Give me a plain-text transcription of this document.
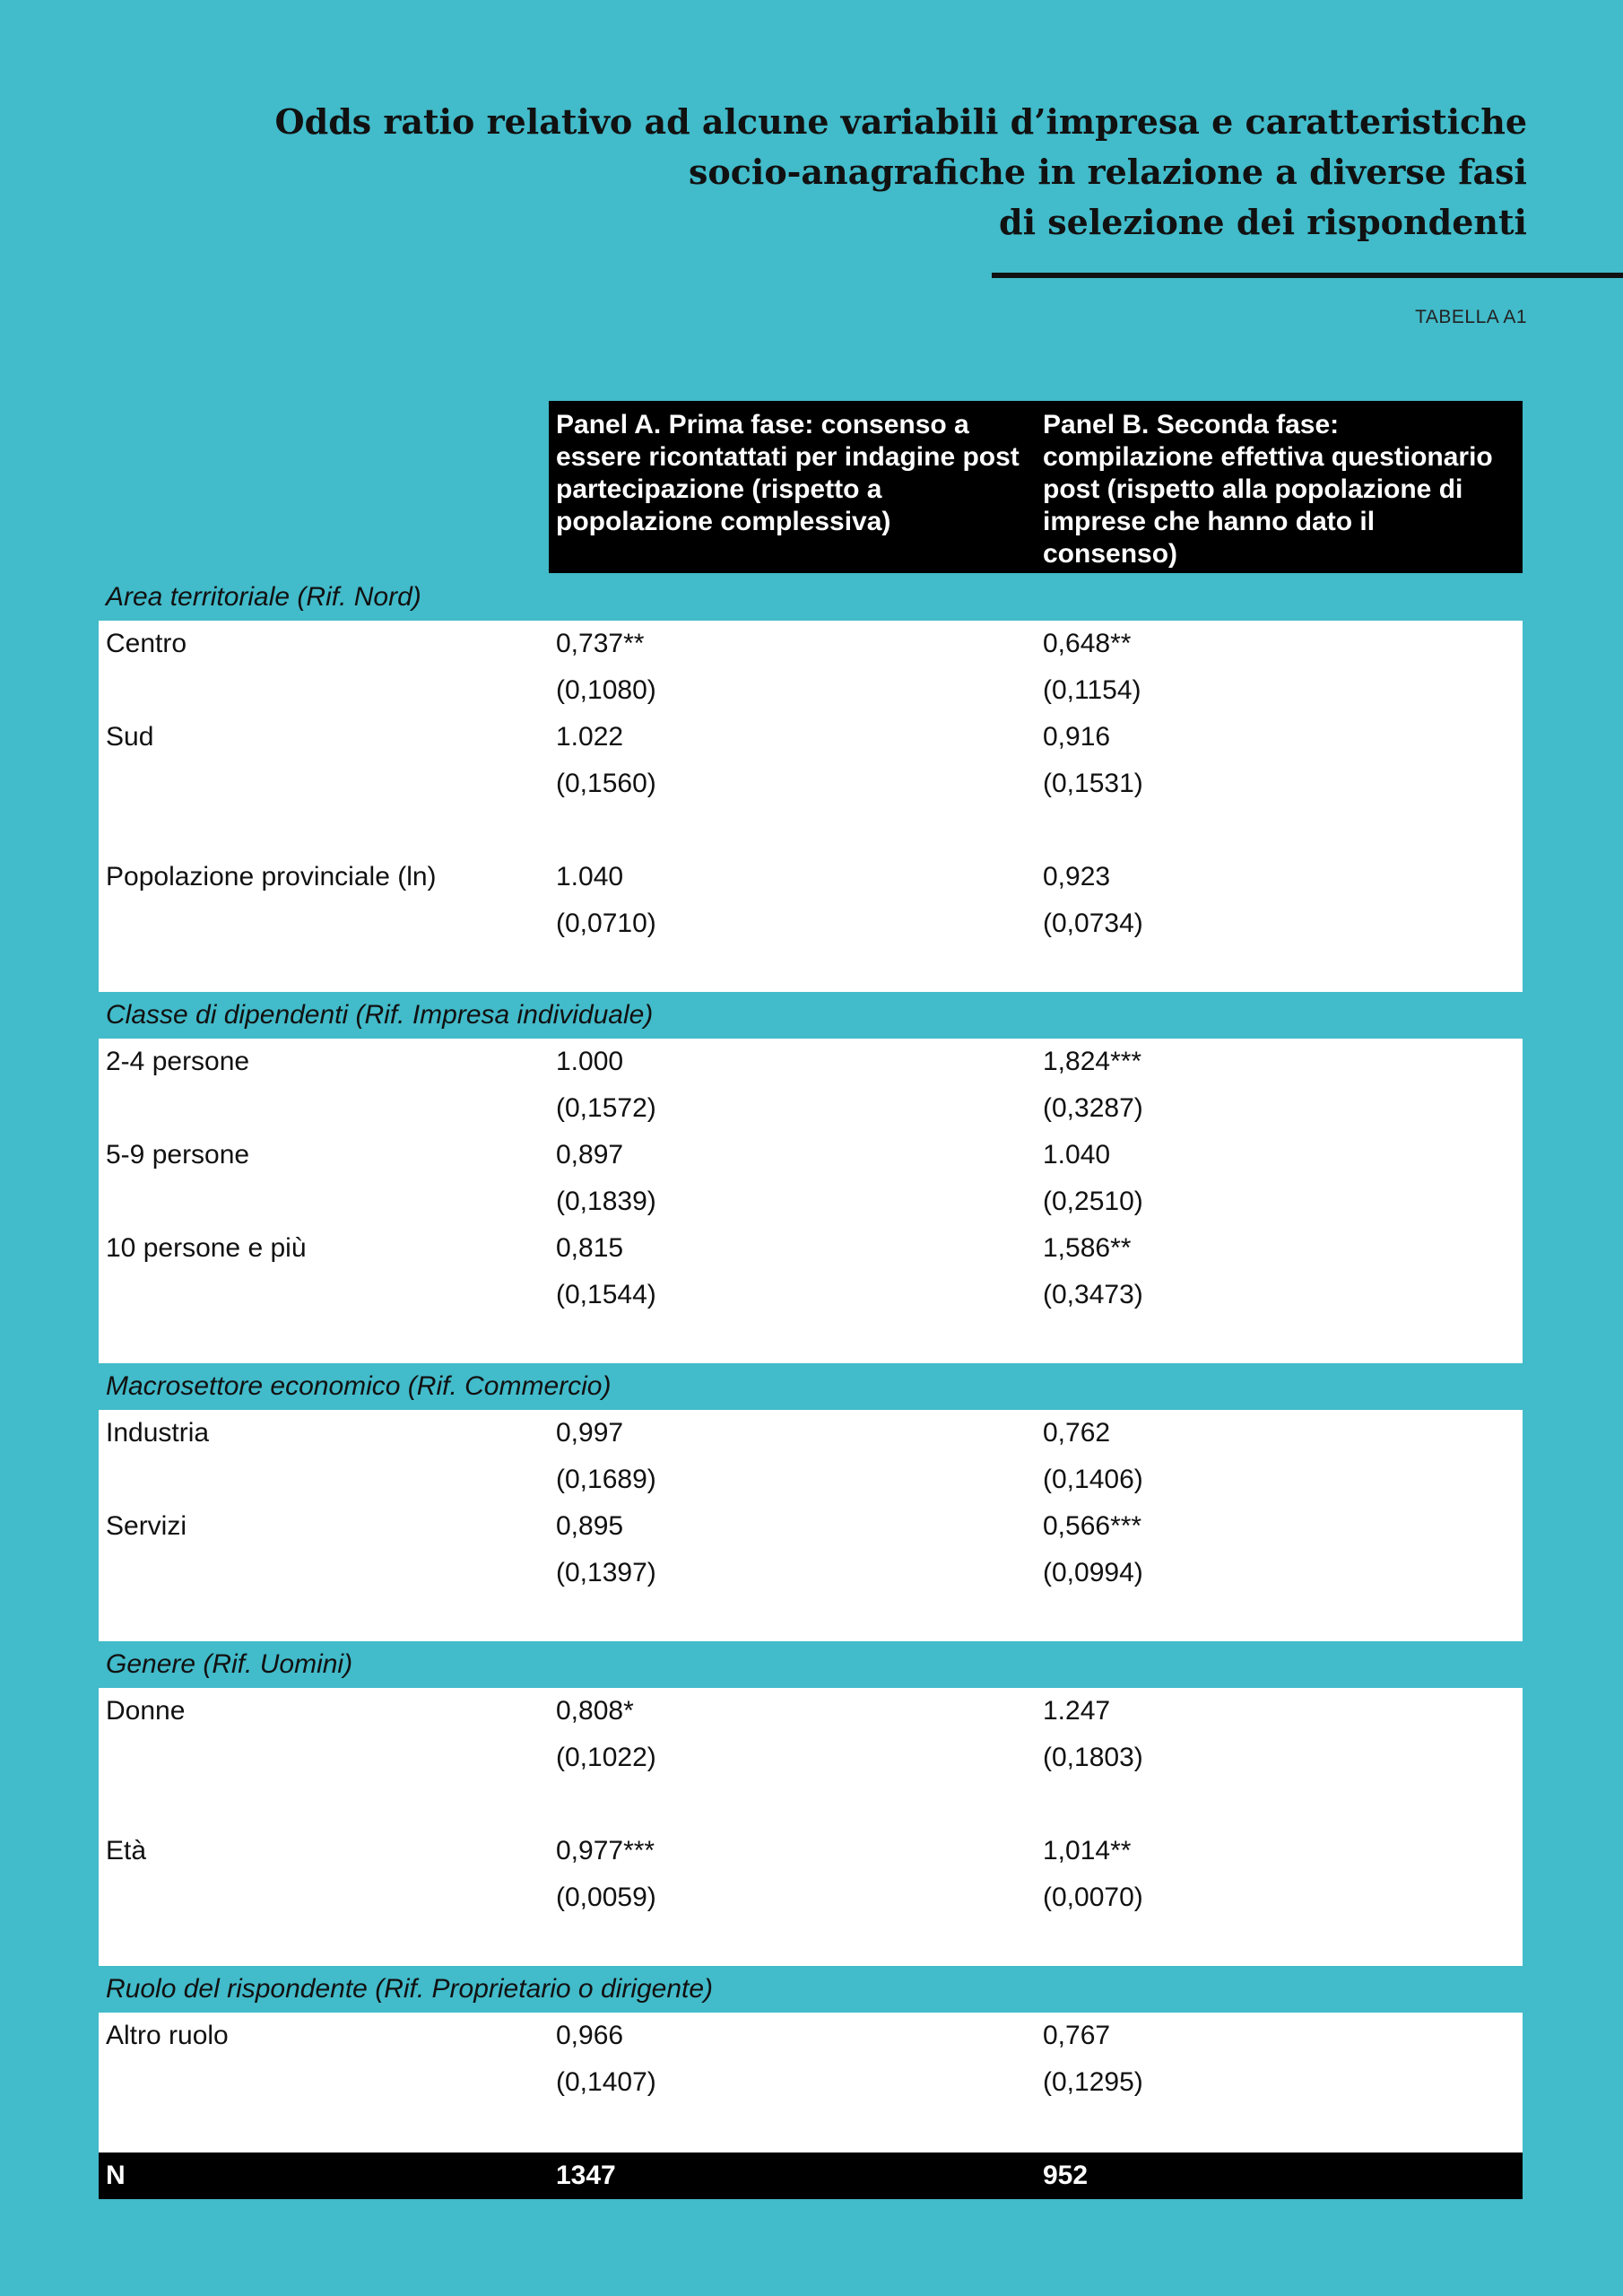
Odds ratio relativo ad alcune variabili d’impresa e caratteristiche
socio-anagrafiche in relazione a diverse fasi
di selezione dei rispondenti
TABELLA A1
Panel A. Prima fase: consenso a essere ricontattati per indagine post partecipazione (rispetto a popolazione complessiva)
Panel B. Seconda fase: compilazione effettiva questionario post (rispetto alla popolazione di imprese che hanno dato il consenso)
Area territoriale (Rif. Nord)
Centro	0,737**	0,648**
(0,1080)	(0,1154)
Sud	1.022	0,916
(0,1560)	(0,1531)
Popolazione provinciale (ln)	1.040	0,923
(0,0710)	(0,0734)
Classe di dipendenti (Rif. Impresa individuale)
2-4 persone	1.000	1,824***
(0,1572)	(0,3287)
5-9 persone	0,897	1.040
(0,1839)	(0,2510)
10 persone e più	0,815	1,586**
(0,1544)	(0,3473)
Macrosettore economico (Rif. Commercio)
Industria	0,997	0,762
(0,1689)	(0,1406)
Servizi	0,895	0,566***
(0,1397)	(0,0994)
Genere (Rif. Uomini)
Donne	0,808*	1.247
(0,1022)	(0,1803)
Età	0,977***	1,014**
(0,0059)	(0,0070)
Ruolo del rispondente (Rif. Proprietario o dirigente)
Altro ruolo	0,966	0,767
(0,1407)	(0,1295)
N	1347	952
